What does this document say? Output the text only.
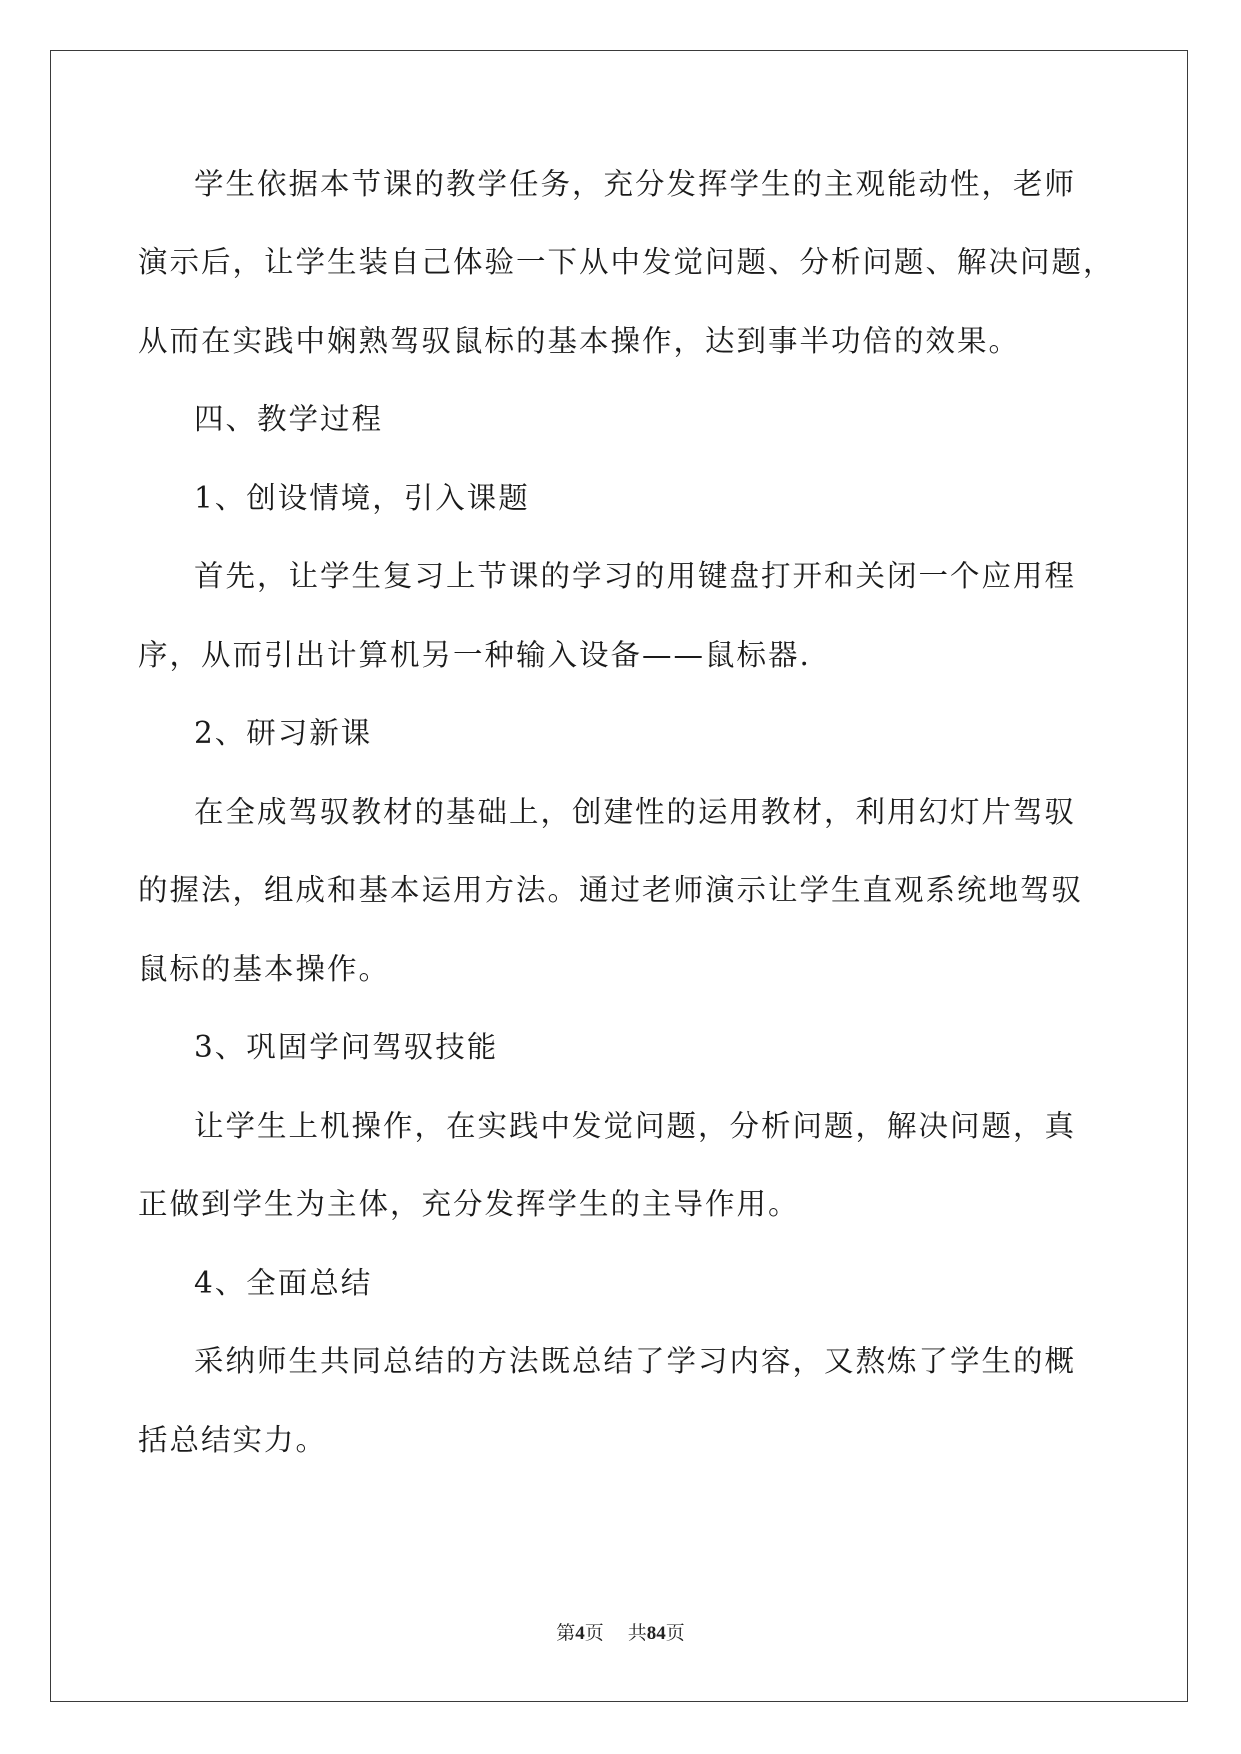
学生依据本节课的教学任务，充分发挥学生的主观能动性，老师
演示后，让学生装自己体验一下从中发觉问题、分析问题、解决问题，
从而在实践中娴熟驾驭鼠标的基本操作，达到事半功倍的效果。
四、教学过程
1、创设情境，引入课题
首先，让学生复习上节课的学习的用键盘打开和关闭一个应用程
序，从而引出计算机另一种输入设备——鼠标器.
2、研习新课
在全成驾驭教材的基础上，创建性的运用教材，利用幻灯片驾驭
的握法，组成和基本运用方法。通过老师演示让学生直观系统地驾驭
鼠标的基本操作。
3、巩固学问驾驭技能
让学生上机操作，在实践中发觉问题，分析问题，解决问题，真
正做到学生为主体，充分发挥学生的主导作用。
4、全面总结
采纳师生共同总结的方法既总结了学习内容，又熬炼了学生的概
括总结实力。
第4页 共84页
